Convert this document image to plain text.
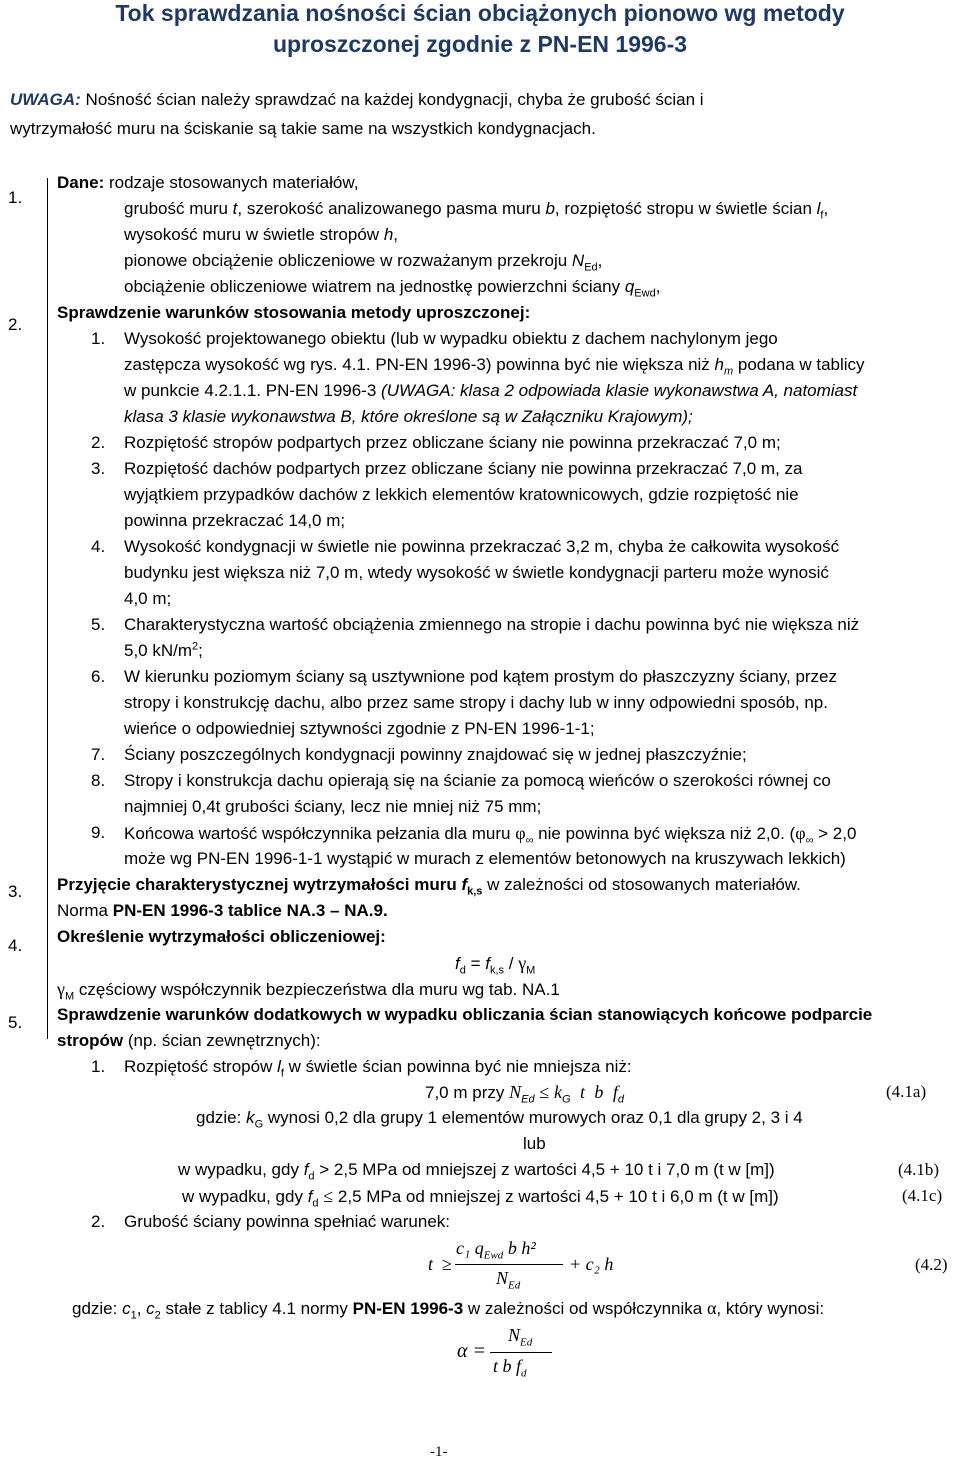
Tok sprawdzania nośności ścian obciążonych pionowo wg metody
uproszczonej zgodnie z PN-EN 1996-3
UWAGA: Nośność ścian należy sprawdzać na każdej kondygnacji, chyba że grubość ścian i
wytrzymałość muru na ściskanie są takie same na wszystkich kondygnacjach.
1.
2.
3.
4.
5.
Dane: rodzaje stosowanych materiałów,
grubość muru t, szerokość analizowanego pasma muru b, rozpiętość stropu w świetle ścian $l_f$,
wysokość muru w świetle stropów h,
pionowe obciążenie obliczeniowe w rozważanym przekroju $N_{Ed}$,
obciążenie obliczeniowe wiatrem na jednostkę powierzchni ściany $q_{Ewd}$,
Sprawdzenie warunków stosowania metody uproszczonej:
1. Wysokość projektowanego obiektu (lub w wypadku obiektu z dachem nachylonym jego
zastępcza wysokość wg rys. 4.1. PN-EN 1996-3) powinna być nie większa niż $h_m$ podana w tablicy
w punkcie 4.2.1.1. PN-EN 1996-3 (UWAGA: klasa 2 odpowiada klasie wykonawstwa A, natomiast
klasa 3 klasie wykonawstwa B, które określone są w Załączniku Krajowym);
2. Rozpiętość stropów podpartych przez obliczane ściany nie powinna przekraczać 7,0 m;
3. Rozpiętość dachów podpartych przez obliczane ściany nie powinna przekraczać 7,0 m, za
wyjątkiem przypadków dachów z lekkich elementów kratownicowych, gdzie rozpiętość nie
powinna przekraczać 14,0 m;
4. Wysokość kondygnacji w świetle nie powinna przekraczać 3,2 m, chyba że całkowita wysokość
budynku jest większa niż 7,0 m, wtedy wysokość w świetle kondygnacji parteru może wynosić
4,0 m;
5. Charakterystyczna wartość obciążenia zmiennego na stropie i dachu powinna być nie większa niż
5,0 $kN/m^2$;
6. W kierunku poziomym ściany są usztywnione pod kątem prostym do płaszczyzny ściany, przez
stropy i konstrukcję dachu, albo przez same stropy i dachy lub w inny odpowiedni sposób, np.
wieńce o odpowiedniej sztywności zgodnie z PN-EN 1996-1-1;
7. Ściany poszczególnych kondygnacji powinny znajdować się w jednej płaszczyźnie;
8. Stropy i konstrukcja dachu opierają się na ścianie za pomocą wieńców o szerokości równej co
najmniej 0,4t grubości ściany, lecz nie mniej niż 75 mm;
9. Końcowa wartość współczynnika pełzania dla muru $\varphi_\infty$ nie powinna być większa niż 2,0. ($\varphi_\infty > 2,0$
może wg PN-EN 1996-1-1 wystąpić w murach z elementów betonowych na kruszywach lekkich)
Przyjęcie charakterystycznej wytrzymałości muru $f_{k,s}$ w zależności od stosowanych materiałów.
Norma PN-EN 1996-3 tablice NA.3 – NA.9.
Określenie wytrzymałości obliczeniowej:
$f_d = f_{k,s} / \gamma_M$
$\gamma_M$ częściowy współczynnik bezpieczeństwa dla muru wg tab. NA.1
Sprawdzenie warunków dodatkowych w wypadku obliczania ścian stanowiących końcowe podparcie
stropów (np. ścian zewnętrznych):
1. Rozpiętość stropów $l_f$ w świetle ścian powinna być nie mniejsza niż:
7,0 m przy $N_{Ed} \le k_G$ t b $f_d$	(4.1a)
gdzie: $k_G$ wynosi 0,2 dla grupy 1 elementów murowych oraz 0,1 dla grupy 2, 3 i 4
lub
w wypadku, gdy $f_d > 2,5$ MPa od mniejszej z wartości 4,5 + 10 t i 7,0 m (t w [m])	(4.1b)
w wypadku, gdy $f_d \le 2,5$ MPa od mniejszej z wartości 4,5 + 10 t i 6,0 m (t w [m])	(4.1c)
2. Grubość ściany powinna spełniać warunek:
t ≥
c₁ $q_{Ewd}$ b h²
$N_{Ed}$
+ c₂ h	(4.2)
gdzie: $c_1$, $c_2$ stałe z tablicy 4.1 normy PN-EN 1996-3 w zależności od współczynnika α, który wynosi:
α =
$N_{Ed}$
t b $f_d$
-1-
